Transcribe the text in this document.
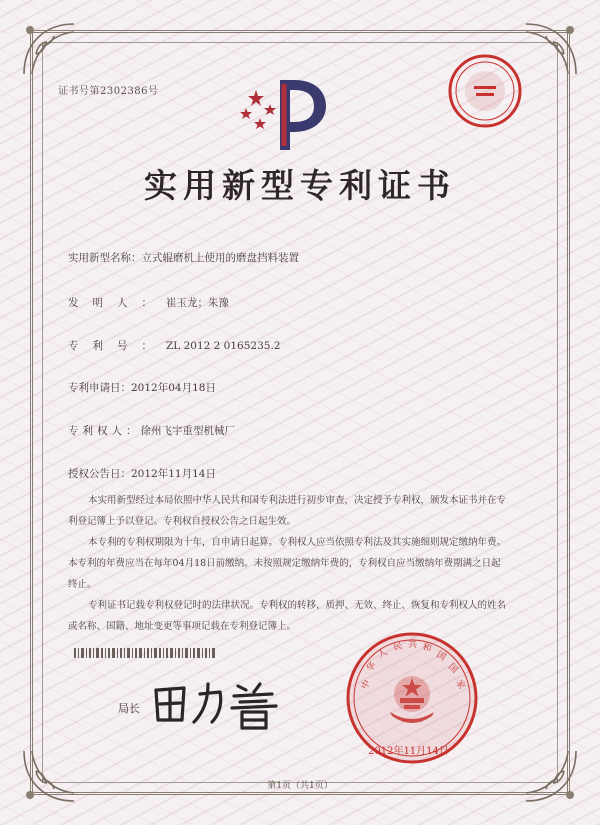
证书号第2302386号
实用新型专利证书
实用新型名称：立式辊磨机上使用的磨盘挡料装置
发明人：崔玉龙；朱豫
专利号：ZL 2012 2 0165235.2
专利申请日：2012年04月18日
专利权人：徐州飞宇重型机械厂
授权公告日：2012年11月14日

本实用新型经过本局依照中华人民共和国专利法进行初步审查，决定授予专利权，颁发本证书并在专利登记簿上予以登记。专利权自授权公告之日起生效。

本专利的专利权期限为十年，自申请日起算。专利权人应当依照专利法及其实施细则规定缴纳年费。本专利的年费应当在每年04月18日前缴纳。未按照规定缴纳年费的，专利权自应当缴纳年费期满之日起终止。

专利证书记载专利权登记时的法律状况。专利权的转移、质押、无效、终止、恢复和专利权人的姓名或名称、国籍、地址变更等事项记载在专利登记簿上。

局长
中
华
人
民 共 和
国
国
家
2012年11月14日
第1页（共1页）
